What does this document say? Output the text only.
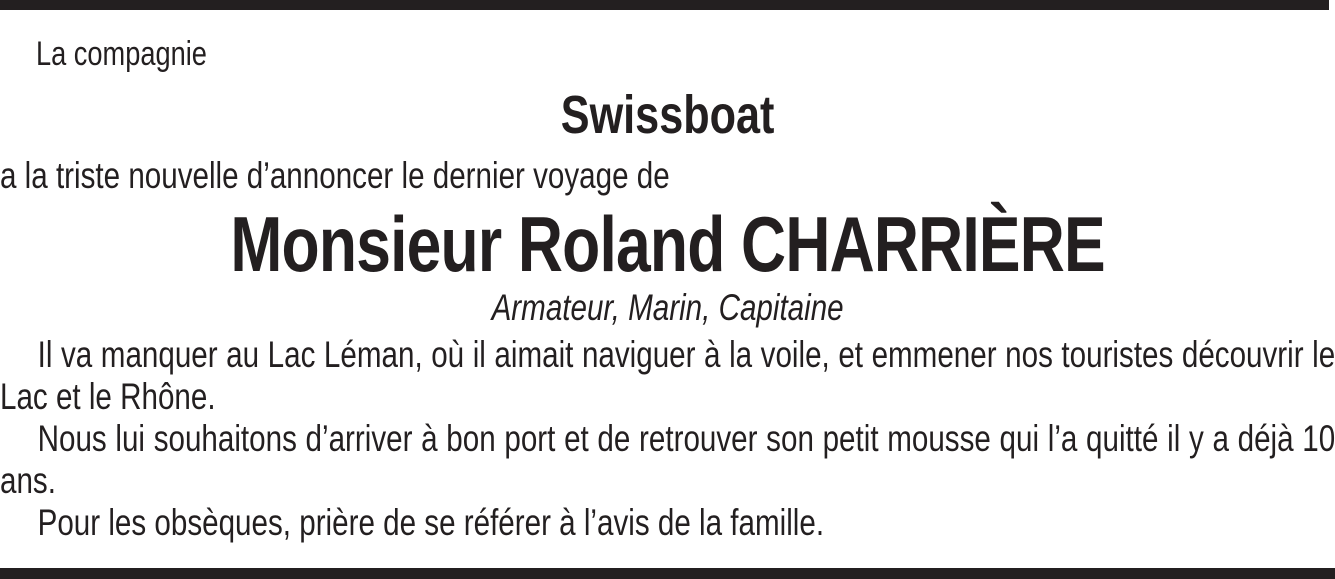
La compagnie
Swissboat
a la triste nouvelle d’annoncer le dernier voyage de
Monsieur Roland CHARRIÈRE
Armateur, Marin, Capitaine

Il va manquer au Lac Léman, où il aimait naviguer à la voile, et emmener nos touristes découvrir le Lac et le Rhône.

Nous lui souhaitons d’arriver à bon port et de retrouver son petit mousse qui l’a quitté il y a déjà 10 ans.

Pour les obsèques, prière de se référer à l’avis de la famille.
